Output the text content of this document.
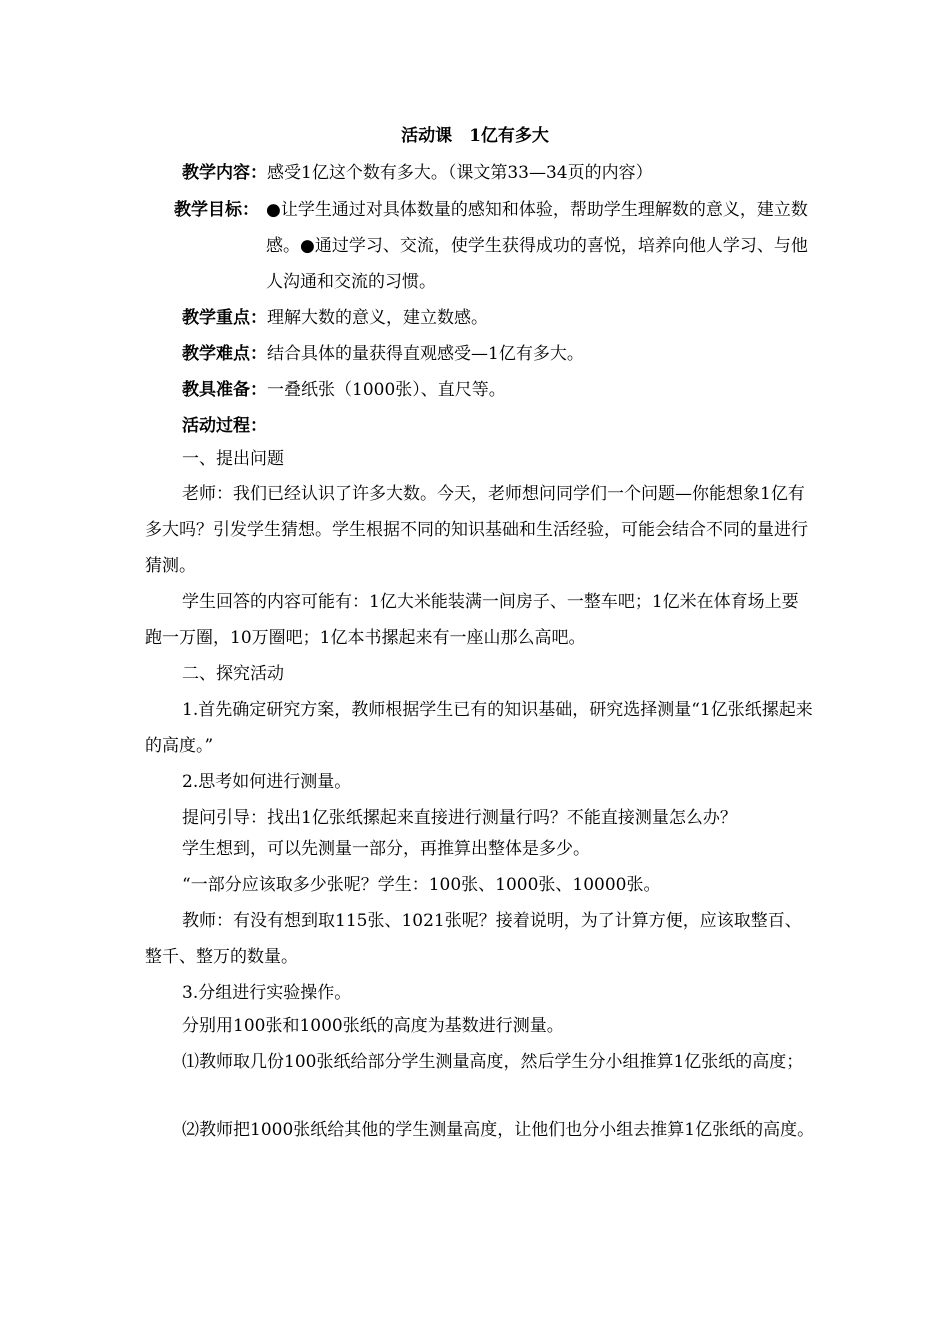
活动课　1亿有多大
教学内容：感受1亿这个数有多大。（课文第33—34页的内容）
教学目标： ●让学生通过对具体数量的感知和体验，帮助学生理解数的意义，建立数感。●通过学习、交流，使学生获得成功的喜悦，培养向他人学习、与他人沟通和交流的习惯。
教学重点：理解大数的意义，建立数感。
教学难点：结合具体的量获得直观感受—1亿有多大。
教具准备：一叠纸张（1000张）、直尺等。
活动过程：
一、提出问题
老师：我们已经认识了许多大数。今天，老师想问同学们一个问题—你能想象1亿有多大吗？引发学生猜想。学生根据不同的知识基础和生活经验，可能会结合不同的量进行猜测。
学生回答的内容可能有：1亿大米能装满一间房子、一整车吧；1亿米在体育场上要跑一万圈，10万圈吧；1亿本书摞起来有一座山那么高吧。
二、探究活动
1.首先确定研究方案，教师根据学生已有的知识基础，研究选择测量“1亿张纸摞起来的高度。”
2.思考如何进行测量。
提问引导：找出1亿张纸摞起来直接进行测量行吗？不能直接测量怎么办？
学生想到，可以先测量一部分，再推算出整体是多少。
“一部分应该取多少张呢？学生：100张、1000张、10000张。
教师：有没有想到取115张、1021张呢？接着说明，为了计算方便，应该取整百、整千、整万的数量。
3.分组进行实验操作。
分别用100张和1000张纸的高度为基数进行测量。
⑴教师取几份100张纸给部分学生测量高度，然后学生分小组推算1亿张纸的高度；
⑵教师把1000张纸给其他的学生测量高度，让他们也分小组去推算1亿张纸的高度。
